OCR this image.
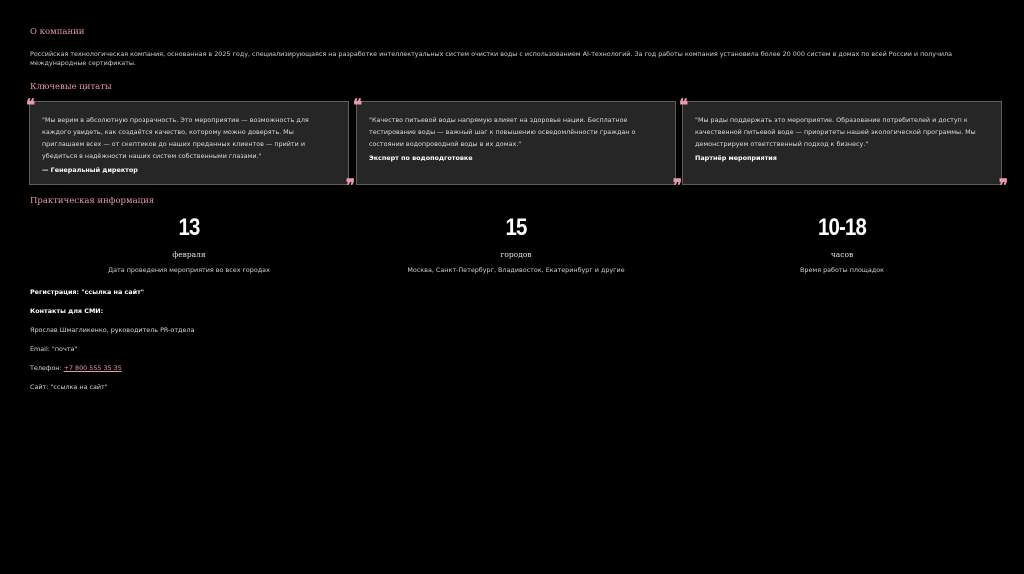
О компании

Российская технологическая компания, основанная в 2025 году, специализирующаяся на разработке интеллектуальных систем очистки воды с использованием AI-технологий. За год работы компания установила более 20 000 систем в домах по всей России и получила международные сертификаты.

Ключевые цитаты
❝

"Мы верим в абсолютную прозрачность. Это мероприятие — возможность для каждого увидеть, как создаётся качество, которому можно доверять. Мы приглашаем всех — от скептиков до наших преданных клиентов — прийти и убедиться в надёжности наших систем собственными глазами."

— Генеральный директор

❞
❝

"Качество питьевой воды напрямую влияет на здоровье нации. Бесплатное тестирование воды — важный шаг к повышению осведомлённости граждан о состоянии водопроводной воды в их домах."

Эксперт по водоподготовке

❞
❝

"Мы рады поддержать это мероприятие. Образование потребителей и доступ к качественной питьевой воде — приоритеты нашей экологической программы. Мы демонстрируем ответственный подход к бизнесу."

Партнёр мероприятия

❞
Практическая информация
13
февраля
Дата проведения мероприятия во всех городах
15
городов
Москва, Санкт-Петербург, Владивосток, Екатеринбург и другие
10-18
часов
Время работы площадок

Регистрация: "ссылка на сайт"

Контакты для СМИ:

Ярослав Шмагликенко, руководитель PR-отдела

Email: "почта"

Телефон: +7 800 555 35 35

Сайт: "ссылка на сайт"
